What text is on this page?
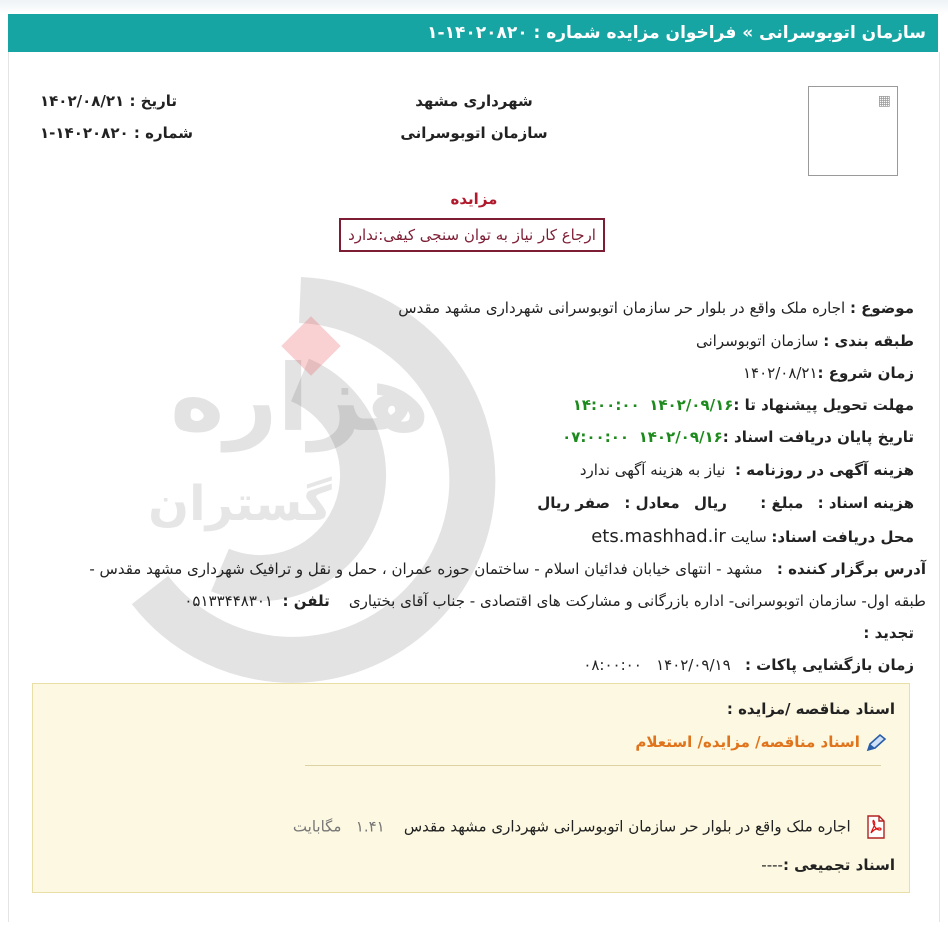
سازمان اتوبوسرانی » فراخوان مزایده شماره : ۱۴۰۲۰۸۲۰-۱
هزاره
گستران
▦
شهرداری مشهد
سازمان اتوبوسرانی
تاریخ : ۱۴۰۲/۰۸/۲۱
شماره : ۱۴۰۲۰۸۲۰-۱
مزایده
ارجاع کار نیاز به توان سنجی کیفی:ندارد
موضوع : اجاره ملک واقع در بلوار حر سازمان اتوبوسرانی شهرداری مشهد مقدس
طبقه بندی : سازمان اتوبوسرانی
زمان شروع :۱۴۰۲/۰۸/۲۱
مهلت تحویل پیشنهاد تا :۱۴۰۲/۰۹/۱۶  ۱۴:۰۰:۰۰
تاریخ پایان دریافت اسناد :۱۴۰۲/۰۹/۱۶  ۰۷:۰۰:۰۰
هزینه آگهی در روزنامه :  نیاز به هزینه آگهی ندارد
هزینه اسناد :   مبلغ :       ریال   معادل :   صفر ریال
محل دریافت اسناد: سایت ets.mashhad.ir
آدرس برگزار کننده :   مشهد - انتهای خیابان فدائیان اسلام - ساختمان حوزه عمران ، حمل و نقل و ترافیک شهرداری مشهد مقدس -
طبقه اول- سازمان اتوبوسرانی- اداره بازرگانی و مشارکت های اقتصادی - جناب آقای بختیاری    تلفن :  ۰۵۱۳۳۴۴۸۳۰۱
تجدید :
زمان بازگشایی پاکات :   ۱۴۰۲/۰۹/۱۹   ۰۸:۰۰:۰۰
اسناد مناقصه /مزایده :
اسناد مناقصه/ مزایده/ استعلام
اجاره ملک واقع در بلوار حر سازمان اتوبوسرانی شهرداری مشهد مقدس    ۱.۴۱   مگابایت
اسناد تجمیعی :----
